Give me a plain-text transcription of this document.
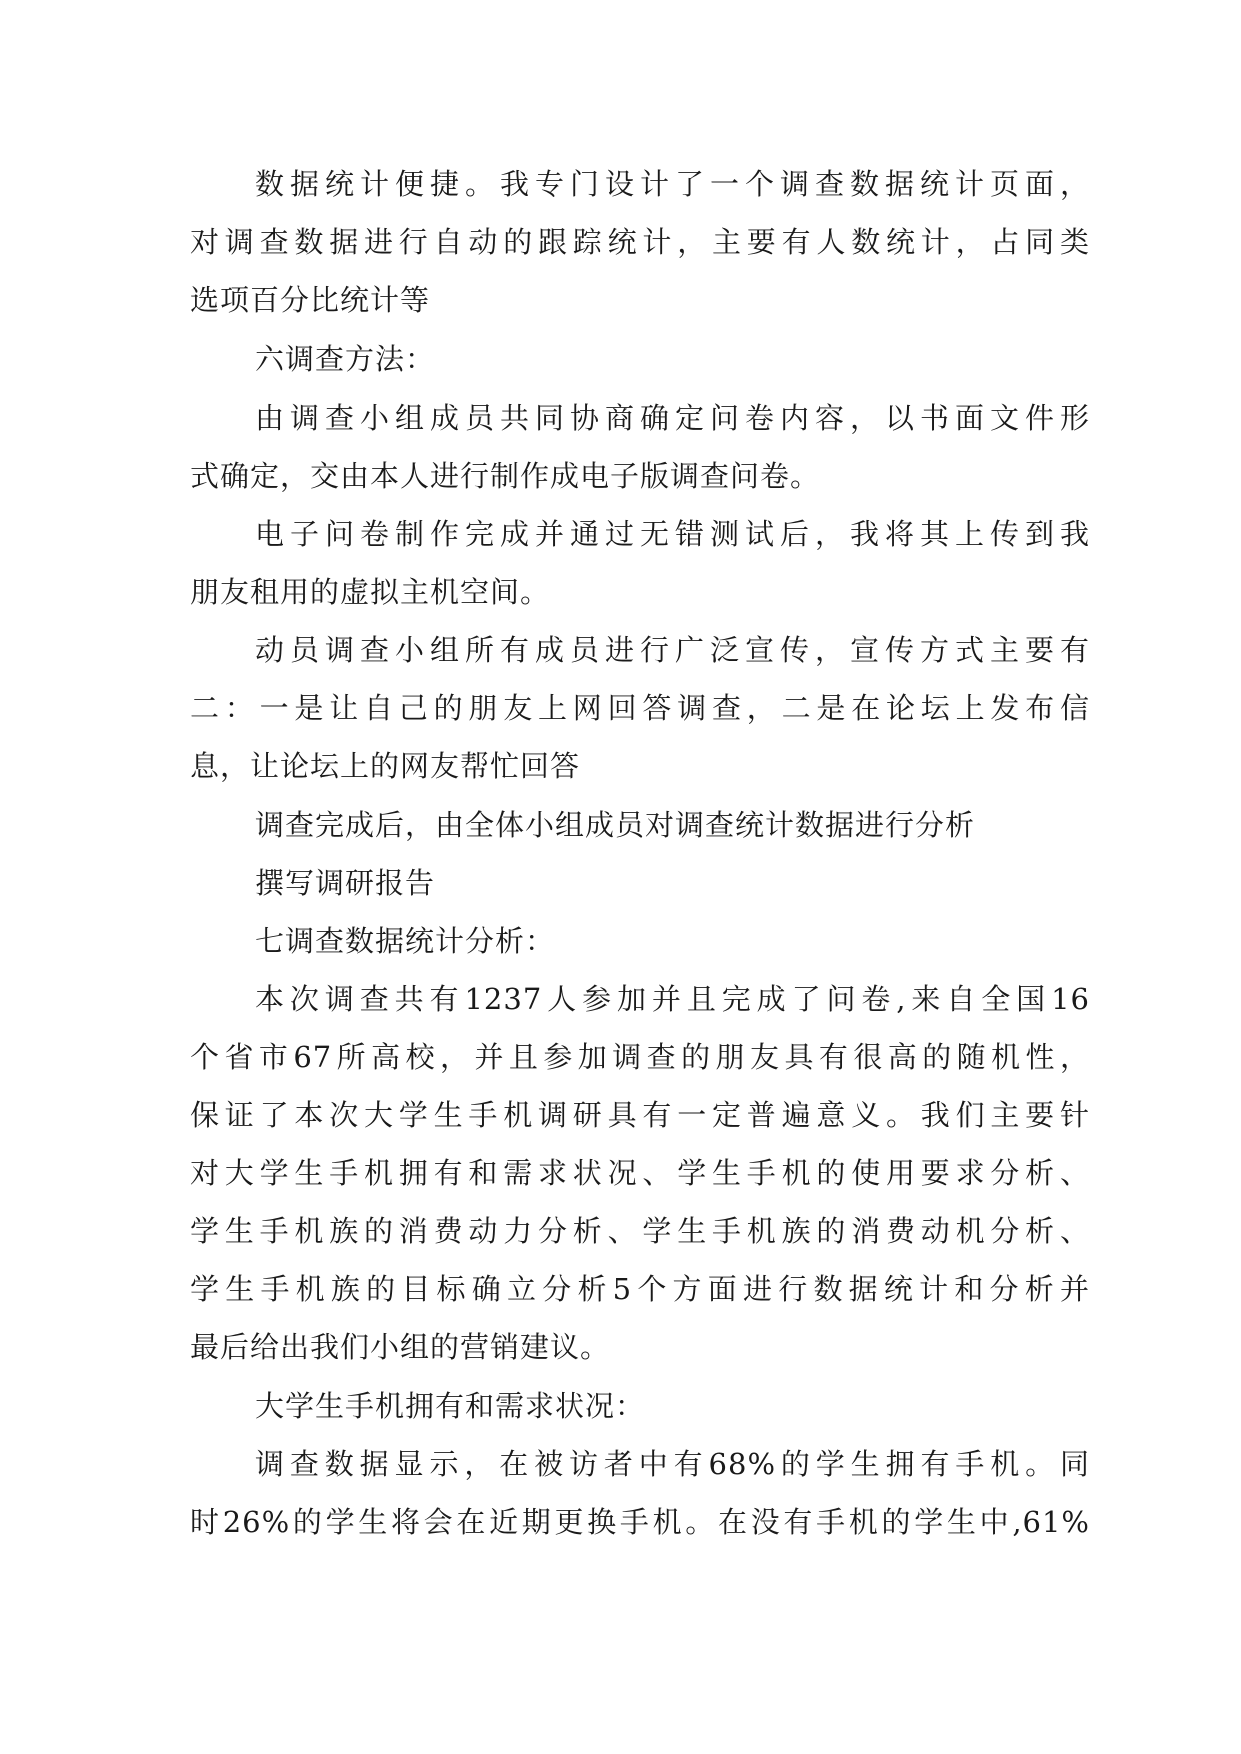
数据统计便捷。我专门设计了一个调查数据统计页面，
对调查数据进行自动的跟踪统计，主要有人数统计，占同类
选项百分比统计等
六调查方法：
由调查小组成员共同协商确定问卷内容，以书面文件形
式确定，交由本人进行制作成电子版调查问卷。
电子问卷制作完成并通过无错测试后，我将其上传到我
朋友租用的虚拟主机空间。
动员调查小组所有成员进行广泛宣传，宣传方式主要有
二：一是让自己的朋友上网回答调查，二是在论坛上发布信
息，让论坛上的网友帮忙回答
调查完成后，由全体小组成员对调查统计数据进行分析
撰写调研报告
七调查数据统计分析：
本次调查共有1237人参加并且完成了问卷,来自全国16
个省市67所高校，并且参加调查的朋友具有很高的随机性，
保证了本次大学生手机调研具有一定普遍意义。我们主要针
对大学生手机拥有和需求状况、学生手机的使用要求分析、
学生手机族的消费动力分析、学生手机族的消费动机分析、
学生手机族的目标确立分析5个方面进行数据统计和分析并
最后给出我们小组的营销建议。
大学生手机拥有和需求状况：
调查数据显示，在被访者中有68%的学生拥有手机。同
时26%的学生将会在近期更换手机。在没有手机的学生中,61%
